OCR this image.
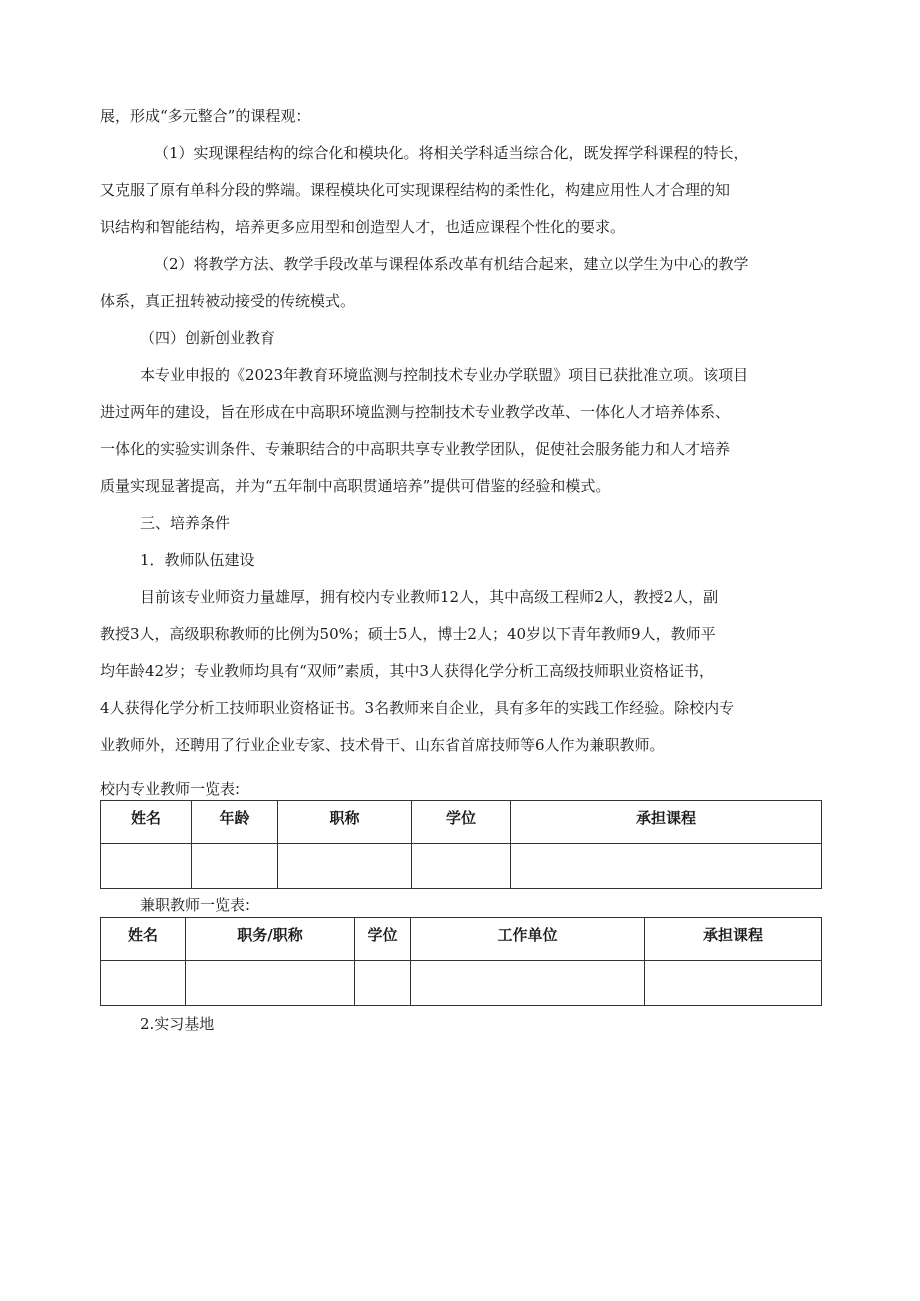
展，形成“多元整合”的课程观：

（1）实现课程结构的综合化和模块化。将相关学科适当综合化，既发挥学科课程的特长，

又克服了原有单科分段的弊端。课程模块化可实现课程结构的柔性化，构建应用性人才合理的知

识结构和智能结构，培养更多应用型和创造型人才，也适应课程个性化的要求。

（2）将教学方法、教学手段改革与课程体系改革有机结合起来，建立以学生为中心的教学

体系，真正扭转被动接受的传统模式。

（四）创新创业教育

本专业申报的《2023年教育环境监测与控制技术专业办学联盟》项目已获批准立项。该项目

进过两年的建设，旨在形成在中高职环境监测与控制技术专业教学改革、一体化人才培养体系、

一体化的实验实训条件、专兼职结合的中高职共享专业教学团队，促使社会服务能力和人才培养

质量实现显著提高，并为“五年制中高职贯通培养”提供可借鉴的经验和模式。

三、培养条件

1．教师队伍建设

目前该专业师资力量雄厚，拥有校内专业教师12人，其中高级工程师2人，教授2人，副

教授3人，高级职称教师的比例为50%；硕士5人，博士2人；40岁以下青年教师9人，教师平

均年龄42岁；专业教师均具有“双师”素质，其中3人获得化学分析工高级技师职业资格证书，

4人获得化学分析工技师职业资格证书。3名教师来自企业，具有多年的实践工作经验。除校内专

业教师外，还聘用了行业企业专家、技术骨干、山东省首席技师等6人作为兼职教师。

校内专业教师一览表:
姓名	年龄	职称	学位	承担课程

兼职教师一览表:
姓名	职务/职称	学位	工作单位	承担课程

2.实习基地
